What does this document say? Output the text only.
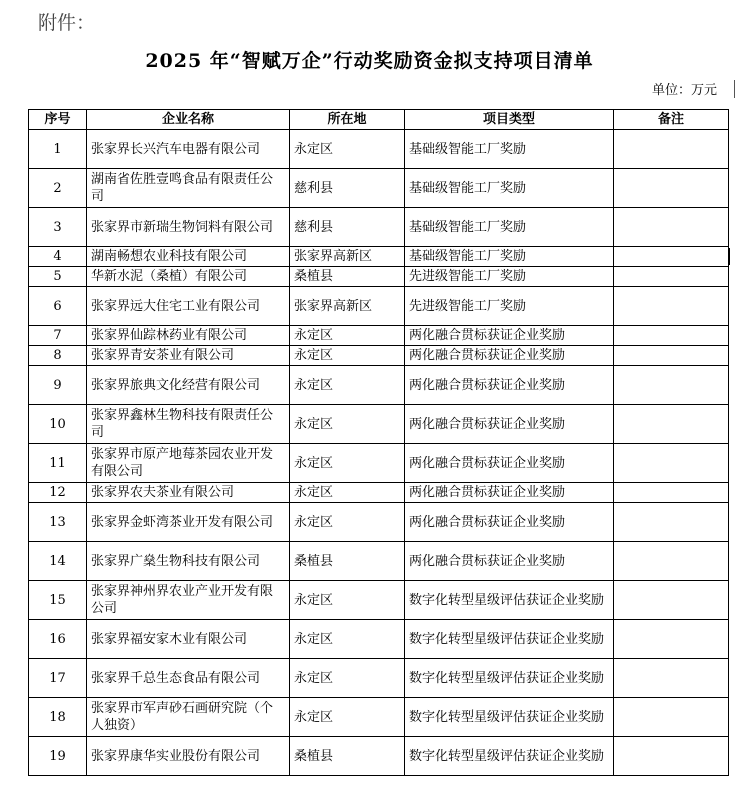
附件：
2025 年“智赋万企”行动奖励资金拟支持项目清单
单位：万元
序号	企业名称	所在地	项目类型	备注
1	张家界长兴汽车电器有限公司	永定区	基础级智能工厂奖励	
2	湖南省佐胜壹鸣食品有限责任公司	慈利县	基础级智能工厂奖励	
3	张家界市新瑞生物饲料有限公司	慈利县	基础级智能工厂奖励	
4	湖南畅想农业科技有限公司	张家界高新区	基础级智能工厂奖励	
5	华新水泥（桑植）有限公司	桑植县	先进级智能工厂奖励	
6	张家界远大住宅工业有限公司	张家界高新区	先进级智能工厂奖励	
7	张家界仙踪林药业有限公司	永定区	两化融合贯标获证企业奖励	
8	张家界青安茶业有限公司	永定区	两化融合贯标获证企业奖励	
9	张家界旅典文化经营有限公司	永定区	两化融合贯标获证企业奖励	
10	张家界鑫林生物科技有限责任公司	永定区	两化融合贯标获证企业奖励	
11	张家界市原产地莓茶园农业开发有限公司	永定区	两化融合贯标获证企业奖励	
12	张家界农夫茶业有限公司	永定区	两化融合贯标获证企业奖励	
13	张家界金虾湾茶业开发有限公司	永定区	两化融合贯标获证企业奖励	
14	张家界广燊生物科技有限公司	桑植县	两化融合贯标获证企业奖励	
15	张家界神州界农业产业开发有限公司	永定区	数字化转型星级评估获证企业奖励	
16	张家界福安家木业有限公司	永定区	数字化转型星级评估获证企业奖励	
17	张家界千总生态食品有限公司	永定区	数字化转型星级评估获证企业奖励	
18	张家界市军声砂石画研究院（个人独资）	永定区	数字化转型星级评估获证企业奖励	
19	张家界康华实业股份有限公司	桑植县	数字化转型星级评估获证企业奖励	
